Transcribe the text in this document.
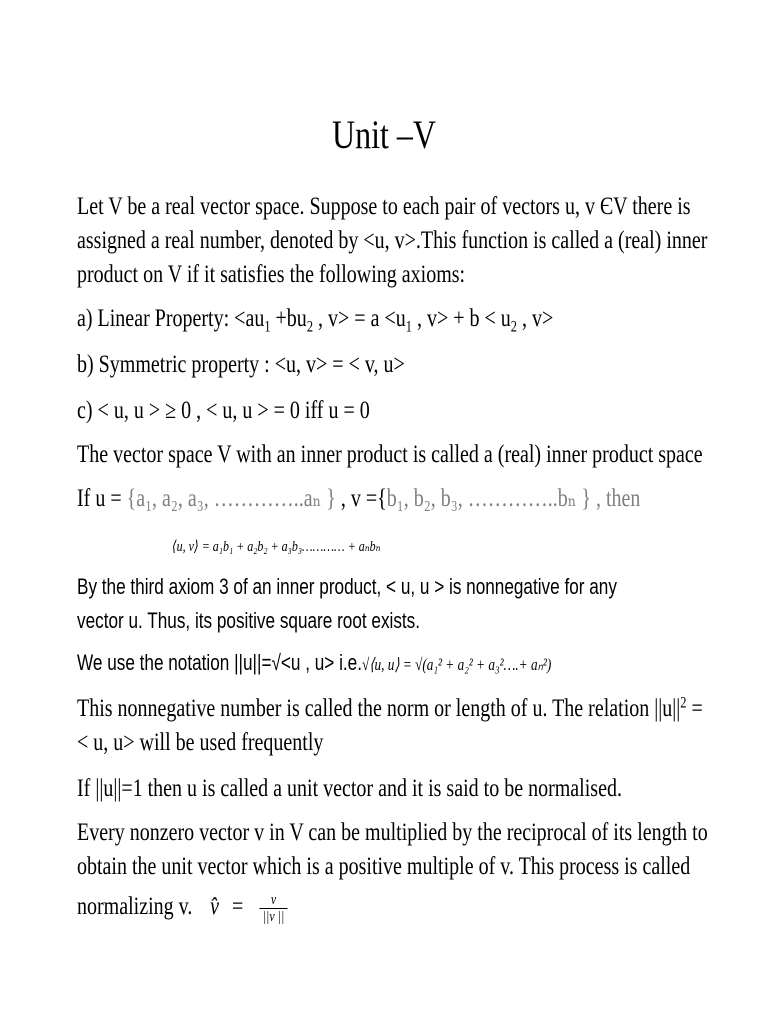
Unit –V
Let V be a real vector space. Suppose to each pair of vectors u, v ЄV there is
assigned a real number, denoted by <u, v>.This function is called a (real) inner
product on V if it satisfies the following axioms:
a) Linear Property: $<au_1 +bu_2$ , $v> = a <u_1$ , $v> + b < u_2$ , v>
b) Symmetric property : <u, v> = < v, u>
c) < u, u > ≥ 0 , < u, u > = 0 iff u = 0
The vector space V with an inner product is called a (real) inner product space
If u = {a₁, a₂, a₃, …………..aₙ } , v ={b₁, b₂, b₃, …………..bₙ } , then
⟨u, v⟩ = a₁b₁ + a₂b₂ + a₃b₃………… + aₙbₙ
By the third axiom 3 of an inner product, < u, u > is nonnegative for any
vector u. Thus, its positive square root exists.
We use the notation ||u||=√<u , u> i.e.√⟨u, u⟩ = √(a₁² + a₂² + a₃²….+ aₙ²)
This nonnegative number is called the norm or length of u. The relation $||u||^2$ =
< u, u> will be used frequently
If ||u||=1 then u is called a unit vector and it is said to be normalised.
Every nonzero vector v in V can be multiplied by the reciprocal of its length to
obtain the unit vector which is a positive multiple of v. This process is called
normalizing v. v̂ = $\frac{v}{||v ||}$
